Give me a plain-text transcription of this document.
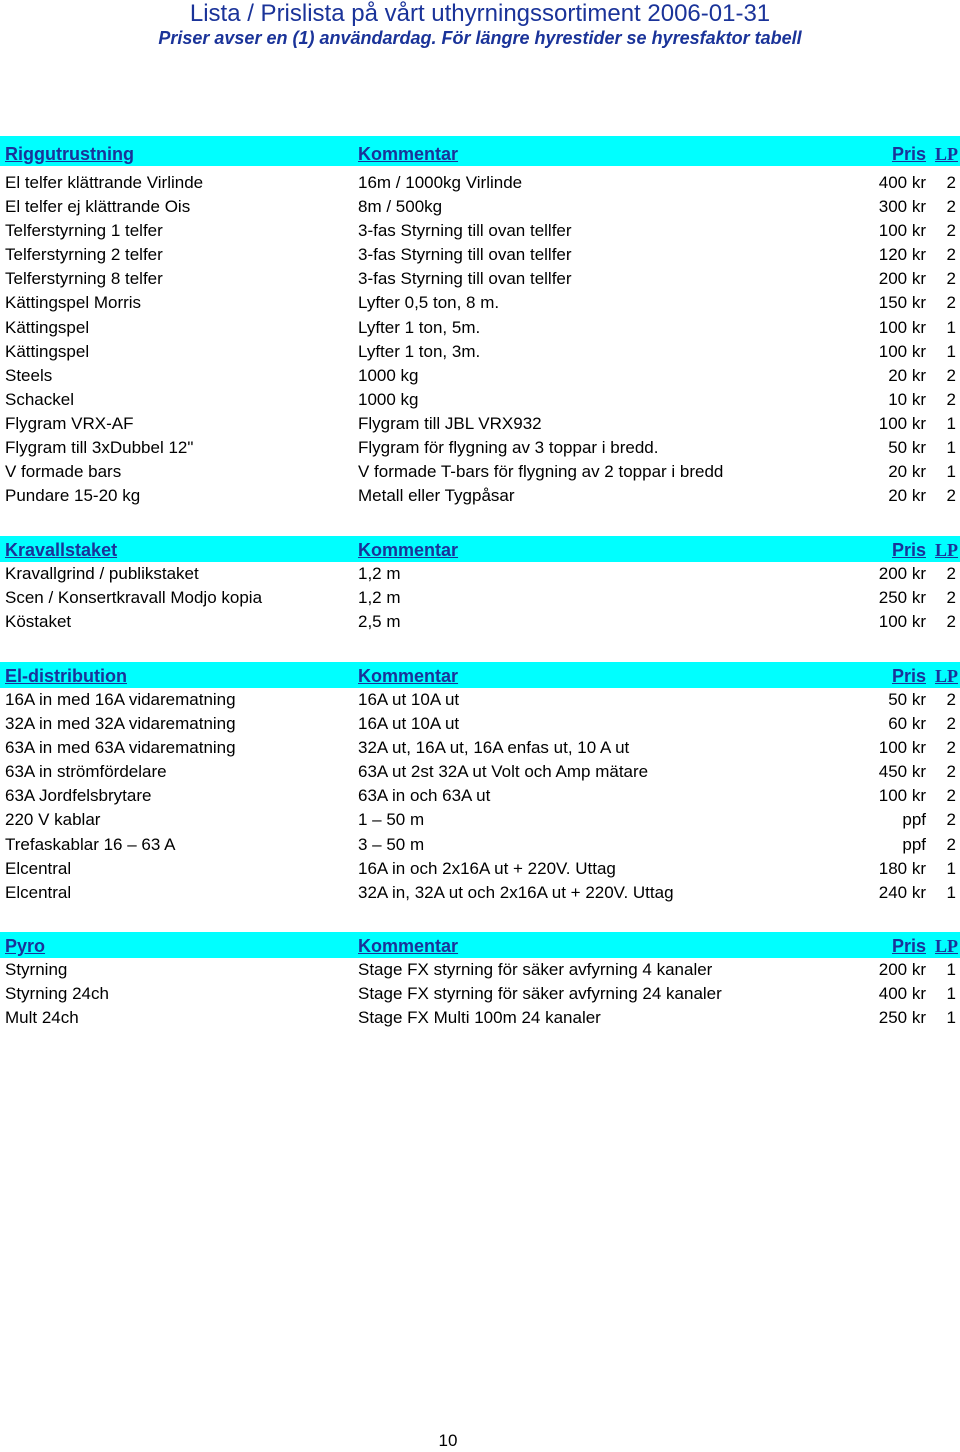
Lista / Prislista på vårt uthyrningssortiment 2006-01-31
Priser avser en (1) användardag. För längre hyrestider se hyresfaktor tabell
Riggutrustning	Kommentar	Pris LP
El telfer klättrande Virlinde	16m / 1000kg Virlinde	400 kr 2
El telfer ej klättrande Ois	8m / 500kg	300 kr 2
Telferstyrning 1 telfer	3-fas Styrning till ovan tellfer	100 kr 2
Telferstyrning 2 telfer	3-fas Styrning till ovan tellfer	120 kr 2
Telferstyrning 8 telfer	3-fas Styrning till ovan tellfer	200 kr 2
Kättingspel Morris	Lyfter 0,5 ton, 8 m.	150 kr 2
Kättingspel	Lyfter 1 ton, 5m.	100 kr 1
Kättingspel	Lyfter 1 ton, 3m.	100 kr 1
Steels	1000 kg	20 kr 2
Schackel	1000 kg	10 kr 2
Flygram VRX-AF	Flygram till JBL VRX932	100 kr 1
Flygram till 3xDubbel 12"	Flygram för flygning av 3 toppar i bredd.	50 kr 1
V formade bars	V formade T-bars för flygning av 2 toppar i bredd	20 kr 1
Pundare 15-20 kg	Metall eller Tygpåsar	20 kr 2
Kravallstaket	Kommentar	Pris LP
Kravallgrind / publikstaket	1,2 m	200 kr 2
Scen / Konsertkravall Modjo kopia	1,2 m	250 kr 2
Köstaket	2,5 m	100 kr 2
El-distribution	Kommentar	Pris LP
16A in med 16A vidarematning	16A ut 10A ut	50 kr 2
32A in med 32A vidarematning	16A ut 10A ut	60 kr 2
63A in med 63A vidarematning	32A ut, 16A ut, 16A enfas ut, 10 A ut	100 kr 2
63A in strömfördelare	63A ut 2st 32A ut Volt och Amp mätare	450 kr 2
63A Jordfelsbrytare	63A in och 63A ut	100 kr 2
220 V kablar	1 – 50 m	ppf 2
Trefaskablar 16 – 63 A	3 – 50 m	ppf 2
Elcentral	16A in och 2x16A ut + 220V. Uttag	180 kr 1
Elcentral	32A in, 32A ut och 2x16A ut + 220V. Uttag	240 kr 1
Pyro	Kommentar	Pris LP
Styrning	Stage FX styrning för säker avfyrning 4 kanaler	200 kr 1
Styrning 24ch	Stage FX styrning för säker avfyrning 24 kanaler	400 kr 1
Mult 24ch	Stage FX Multi 100m 24 kanaler	250 kr 1
10
